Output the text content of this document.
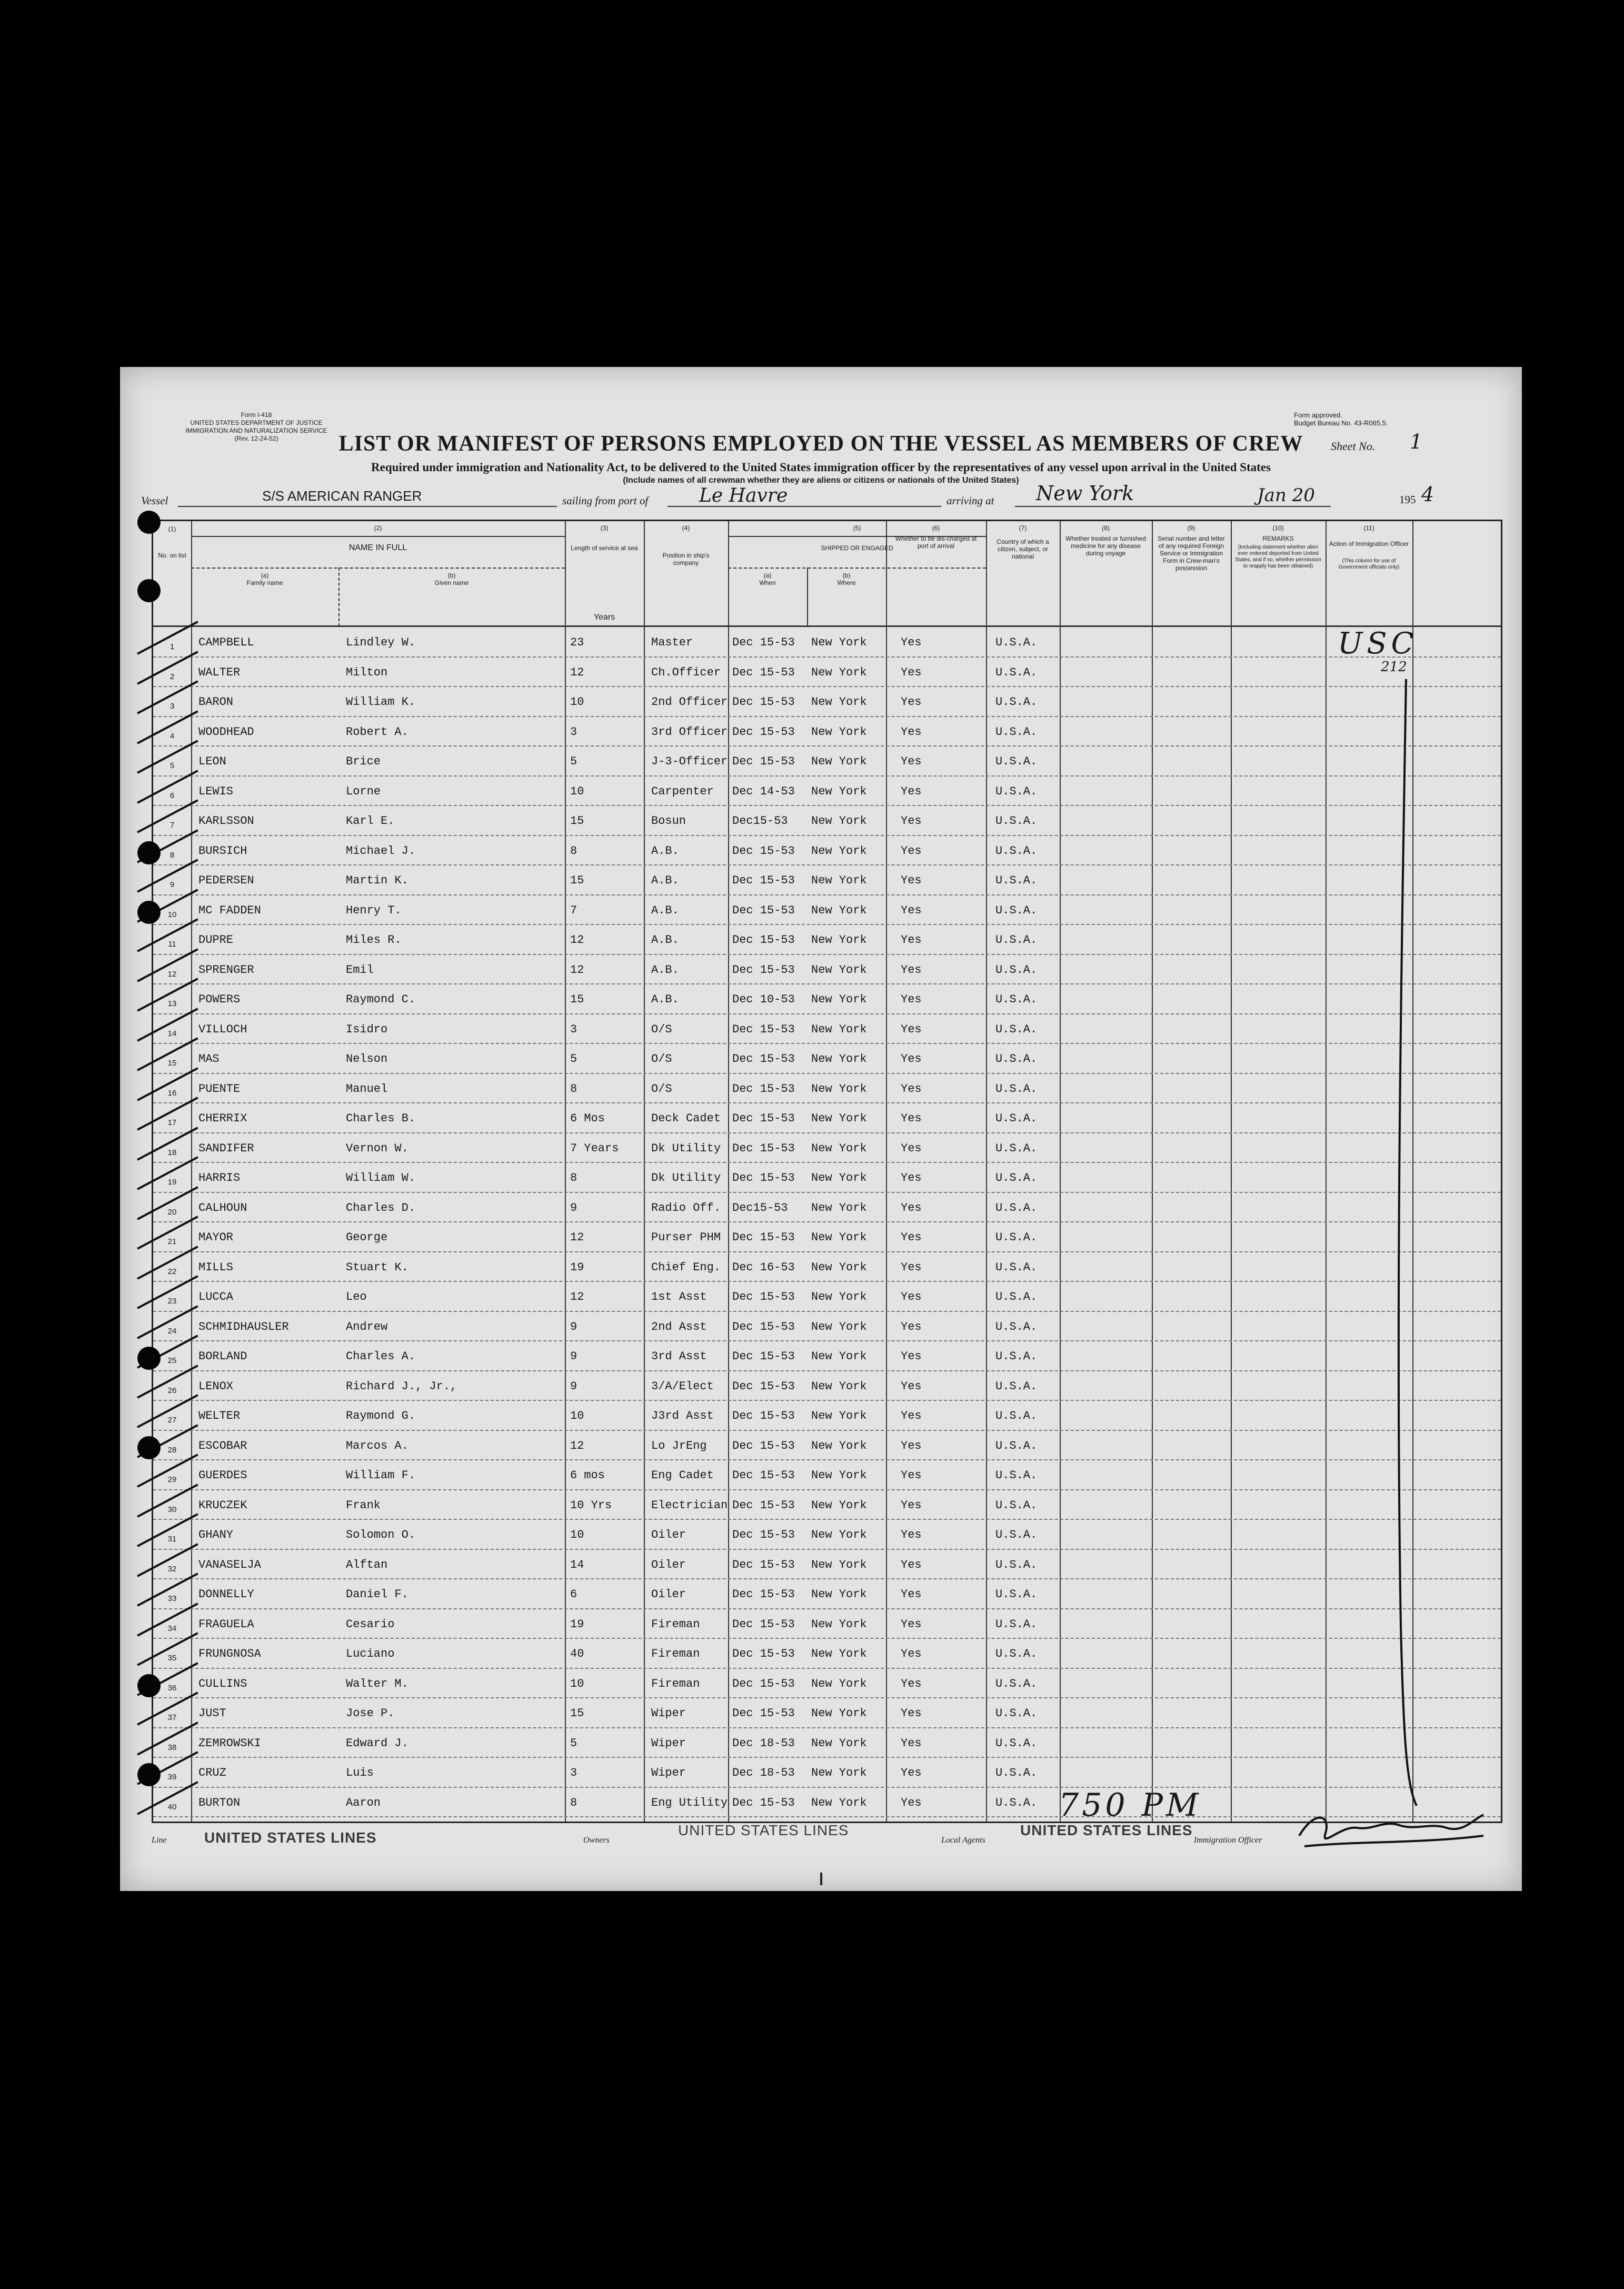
Form I-418
UNITED STATES DEPARTMENT OF JUSTICE
IMMIGRATION AND NATURALIZATION SERVICE
(Rev. 12-24-52)
Form approved.
Budget Bureau No. 43-R065.5.
LIST OR MANIFEST OF PERSONS EMPLOYED ON THE VESSEL AS MEMBERS OF CREW	Sheet No. 1
Required under immigration and Nationality Act, to be delivered to the United States immigration officer by the representatives of any vessel upon arrival in the United States
(Include names of all crewman whether they are aliens or citizens or nationals of the United States)
Vessel	S/S AMERICAN RANGER	sailing from port of	Le Havre	arriving at New York	Jan 20	195 4
(1)
No. on list
(2)
NAME IN FULL
(a)
Family name
(b)
Given name
(3)
Length of service at sea
Years
(4)
Position in ship's company
(5)
SHIPPED OR ENGAGED
(a)
When
(b)
Where
(6)
Whether to be dis-charged at port of arrival
(7)
Country of which a citizen, subject, or national
(8)
Whether treated or furnished medicine for any disease during voyage
(9)
Serial number and letter of any required Foreign Service or Immigration Form in Crew-man's possession
(10)
REMARKS
(Including statement whether alien ever ordered deported from United States, and if so, whether permission to reapply has been obtained)
(11)
Action of Immigration Officer
(This column for use of Government officials only)
1	CAMPBELL	Lindley W.	23	Master	Dec 15-53 New York	Yes	U.S.A.
2	WALTER	Milton	12	Ch.Officer Dec 15-53 New York	Yes	U.S.A.
3	BARON	William K.	10	2nd Officer Dec 15-53 New York	Yes	U.S.A.
4	WOODHEAD	Robert A.	3	3rd Officer Dec 15-53 New York	Yes	U.S.A.
5	LEON	Brice	5	J-3-Officer Dec 15-53 New York	Yes	U.S.A.
6	LEWIS	Lorne	10	Carpenter Dec 14-53 New York	Yes	U.S.A.
7	KARLSSON	Karl E.	15	Bosun	Dec15-53 New York	Yes	U.S.A.
8	BURSICH	Michael J.	8	A.B.	Dec 15-53 New York	Yes	U.S.A.
9	PEDERSEN	Martin K.	15	A.B.	Dec 15-53 New York	Yes	U.S.A.
10	MC FADDEN	Henry T.	7	A.B.	Dec 15-53 New York	Yes	U.S.A.
11	DUPRE	Miles R.	12	A.B.	Dec 15-53 New York	Yes	U.S.A.
12	SPRENGER	Emil	12	A.B.	Dec 15-53 New York	Yes	U.S.A.
13	POWERS	Raymond C.	15	A.B.	Dec 10-53 New York	Yes	U.S.A.
14	VILLOCH	Isidro	3	O/S	Dec 15-53 New York	Yes	U.S.A.
15	MAS	Nelson	5	O/S	Dec 15-53 New York	Yes	U.S.A.
16	PUENTE	Manuel	8	O/S	Dec 15-53 New York	Yes	U.S.A.
17	CHERRIX	Charles B.	6 Mos	Deck Cadet Dec 15-53 New York	Yes	U.S.A.
18	SANDIFER	Vernon W.	7 Years	Dk Utility Dec 15-53 New York	Yes	U.S.A.
19	HARRIS	William W.	8	Dk Utility Dec 15-53 New York	Yes	U.S.A.
20	CALHOUN	Charles D.	9	Radio Off. Dec15-53 New York	Yes	U.S.A.
21	MAYOR	George	12	Purser PHM Dec 15-53 New York	Yes	U.S.A.
22	MILLS	Stuart K.	19	Chief Eng. Dec 16-53 New York	Yes	U.S.A.
23	LUCCA	Leo	12	1st Asst Dec 15-53 New York	Yes	U.S.A.
24	SCHMIDHAUSLER	Andrew	9	2nd Asst Dec 15-53 New York	Yes	U.S.A.
25	BORLAND	Charles A.	9	3rd Asst Dec 15-53 New York	Yes	U.S.A.
26	LENOX	Richard J., Jr.,	9	3/A/Elect Dec 15-53 New York	Yes	U.S.A.
27	WELTER	Raymond G.	10	J3rd Asst Dec 15-53 New York	Yes	U.S.A.
28	ESCOBAR	Marcos A.	12	Lo JrEng Dec 15-53 New York	Yes	U.S.A.
29	GUERDES	William F.	6 mos	Eng Cadet Dec 15-53 New York	Yes	U.S.A.
30	KRUCZEK	Frank	10 Yrs	Electrician Dec 15-53 New York	Yes	U.S.A.
31	GHANY	Solomon O.	10	Oiler	Dec 15-53 New York	Yes	U.S.A.
32	VANASELJA	Alftan	14	Oiler	Dec 15-53 New York	Yes	U.S.A.
33	DONNELLY	Daniel F.	6	Oiler	Dec 15-53 New York	Yes	U.S.A.
34	FRAGUELA	Cesario	19	Fireman	Dec 15-53 New York	Yes	U.S.A.
35	FRUNGNOSA	Luciano	40	Fireman	Dec 15-53 New York	Yes	U.S.A.
36	CULLINS	Walter M.	10	Fireman	Dec 15-53 New York	Yes	U.S.A.
37	JUST	Jose P.	15	Wiper	Dec 15-53 New York	Yes	U.S.A.
38	ZEMROWSKI	Edward J.	5	Wiper	Dec 18-53 New York	Yes	U.S.A.
39	CRUZ	Luis	3	Wiper	Dec 18-53 New York	Yes	U.S.A.
40	BURTON	Aaron	8	Eng Utility Dec 15-53 New York	Yes	U.S.A.
USC
212
750 PM
Line	UNITED STATES LINES	Owners
UNITED STATES LINES
Local Agents
UNITED STATES LINES
Immigration Officer
